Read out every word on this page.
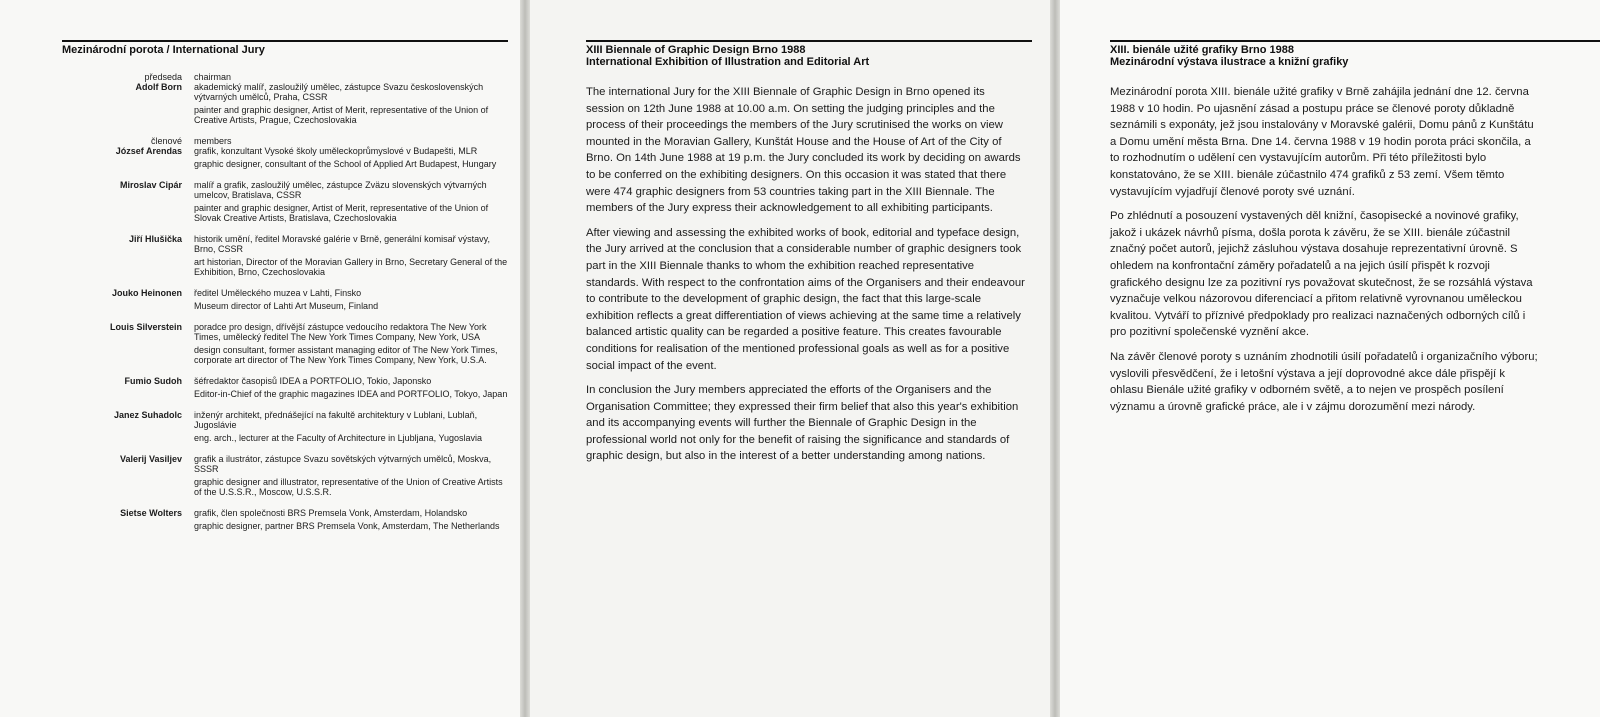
Mezinárodní porota / International Jury
předseda	chairman
Adolf Born	akademický malíř, zasloužilý umělec, zástupce Svazu československých výtvarných umělců, Praha, CSSR

painter and graphic designer, Artist of Merit, representative of the Union of Creative Artists, Prague, Czechoslovakia

členové	members
József Arendas	grafik, konzultant Vysoké školy uměleckoprůmyslové v Budapešti, MLR

graphic designer, consultant of the School of Applied Art Budapest, Hungary

Miroslav Cipár	malíř a grafik, zasloužilý umělec, zástupce Zväzu slovenských výtvarných umelcov, Bratislava, CSSR

painter and graphic designer, Artist of Merit, representative of the Union of Slovak Creative Artists, Bratislava, Czechoslovakia

Jiří Hlušička	historik umění, ředitel Moravské galérie v Brně, generální komisař výstavy, Brno, CSSR

art historian, Director of the Moravian Gallery in Brno, Secretary General of the Exhibition, Brno, Czechoslovakia

Jouko Heinonen	ředitel Uměleckého muzea v Lahti, Finsko

Museum director of Lahti Art Museum, Finland

Louis Silverstein	poradce pro design, dřívější zástupce vedoucího redaktora The New York Times, umělecký ředitel The New York Times Company, New York, USA

design consultant, former assistant managing editor of The New York Times, corporate art director of The New York Times Company, New York, U.S.A.

Fumio Sudoh	šéfredaktor časopisů IDEA a PORTFOLIO, Tokio, Japonsko

Editor-in-Chief of the graphic magazines IDEA and PORTFOLIO, Tokyo, Japan

Janez Suhadolc	inženýr architekt, přednášející na fakultě architektury v Lublani, Lublaň, Jugoslávie

eng. arch., lecturer at the Faculty of Architecture in Ljubljana, Yugoslavia

Valerij Vasiljev	grafik a ilustrátor, zástupce Svazu sovětských výtvarných umělců, Moskva, SSSR

graphic designer and illustrator, representative of the Union of Creative Artists of the U.S.S.R., Moscow, U.S.S.R.

Sietse Wolters	grafik, člen společnosti BRS Premsela Vonk, Amsterdam, Holandsko

graphic designer, partner BRS Premsela Vonk, Amsterdam, The Netherlands

XIII Biennale of Graphic Design Brno 1988
International Exhibition of Illustration and Editorial Art

The international Jury for the XIII Biennale of Graphic Design in Brno opened its session on 12th June 1988 at 10.00 a.m. On setting the judging principles and the process of their proceedings the members of the Jury scrutinised the works on view mounted in the Moravian Gallery, Kunštát House and the House of Art of the City of Brno. On 14th June 1988 at 19 p.m. the Jury concluded its work by deciding on awards to be conferred on the exhibiting designers. On this occasion it was stated that there were 474 graphic designers from 53 countries taking part in the XIII Biennale. The members of the Jury express their acknowledgement to all exhibiting participants.

After viewing and assessing the exhibited works of book, editorial and typeface design, the Jury arrived at the conclusion that a considerable number of graphic designers took part in the XIII Biennale thanks to whom the exhibition reached representative standards. With respect to the confrontation aims of the Organisers and their endeavour to contribute to the development of graphic design, the fact that this large-scale exhibition reflects a great differentiation of views achieving at the same time a relatively balanced artistic quality can be regarded a positive feature. This creates favourable conditions for realisation of the mentioned professional goals as well as for a positive social impact of the event.

In conclusion the Jury members appreciated the efforts of the Organisers and the Organisation Committee; they expressed their firm belief that also this year's exhibition and its accompanying events will further the Biennale of Graphic Design in the professional world not only for the benefit of raising the significance and standards of graphic design, but also in the interest of a better understanding among nations.

XIII. bienále užité grafiky Brno 1988
Mezinárodní výstava ilustrace a knižní grafiky

Mezinárodní porota XIII. bienále užité grafiky v Brně zahájila jednání dne 12. června 1988 v 10 hodin. Po ujasnění zásad a postupu práce se členové poroty důkladně seznámili s exponáty, jež jsou instalovány v Moravské galérii, Domu pánů z Kunštátu a Domu umění města Brna. Dne 14. června 1988 v 19 hodin porota práci skončila, a to rozhodnutím o udělení cen vystavujícím autorům. Při této příležitosti bylo konstatováno, že se XIII. bienále zúčastnilo 474 grafiků z 53 zemí. Všem těmto vystavujícím vyjadřují členové poroty své uznání.

Po zhlédnutí a posouzení vystavených děl knižní, časopisecké a novinové grafiky, jakož i ukázek návrhů písma, došla porota k závěru, že se XIII. bienále zúčastnil značný počet autorů, jejichž zásluhou výstava dosahuje reprezentativní úrovně. S ohledem na konfrontační záměry pořadatelů a na jejich úsilí přispět k rozvoji grafického designu lze za pozitivní rys považovat skutečnost, že se rozsáhlá výstava vyznačuje velkou názorovou diferenciací a přitom relativně vyrovnanou uměleckou kvalitou. Vytváří to příznivé předpoklady pro realizaci naznačených odborných cílů i pro pozitivní společenské vyznění akce.

Na závěr členové poroty s uznáním zhodnotili úsilí pořadatelů i organizačního výboru; vyslovili přesvědčení, že i letošní výstava a její doprovodné akce dále přispějí k ohlasu Bienále užité grafiky v odborném světě, a to nejen ve prospěch posílení významu a úrovně grafické práce, ale i v zájmu dorozumění mezi národy.
